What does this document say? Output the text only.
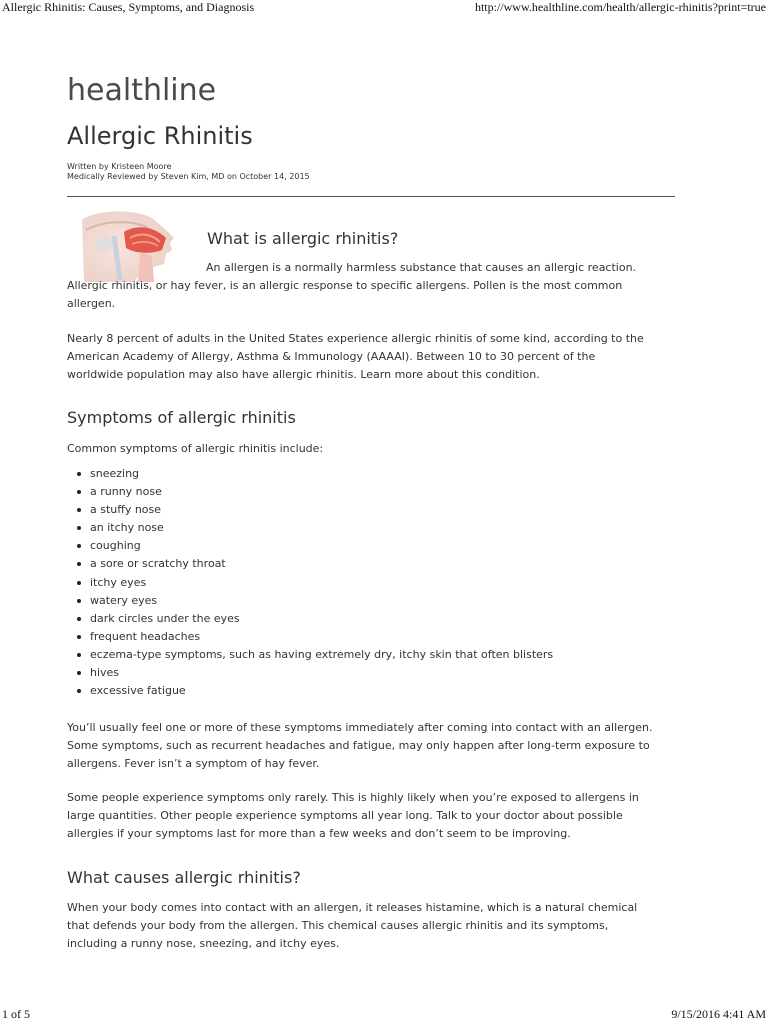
Allergic Rhinitis: Causes, Symptoms, and Diagnosis	http://www.healthline.com/health/allergic-rhinitis?print=true
healthline
Allergic Rhinitis
Written by Kristeen Moore
Medically Reviewed by Steven Kim, MD on October 14, 2015
What is allergic rhinitis?

An allergen is a normally harmless substance that causes an allergic reaction. Allergic rhinitis, or hay fever, is an allergic response to specific allergens. Pollen is the most common allergen.

Nearly 8 percent of adults in the United States experience allergic rhinitis of some kind, according to the American Academy of Allergy, Asthma & Immunology (AAAAI). Between 10 to 30 percent of the worldwide population may also have allergic rhinitis. Learn more about this condition.

Symptoms of allergic rhinitis

Common symptoms of allergic rhinitis include:

sneezing
a runny nose
a stuffy nose
an itchy nose
coughing
a sore or scratchy throat
itchy eyes
watery eyes
dark circles under the eyes
frequent headaches
eczema-type symptoms, such as having extremely dry, itchy skin that often blisters
hives
excessive fatigue

You’ll usually feel one or more of these symptoms immediately after coming into contact with an allergen. Some symptoms, such as recurrent headaches and fatigue, may only happen after long-term exposure to allergens. Fever isn’t a symptom of hay fever.

Some people experience symptoms only rarely. This is highly likely when you’re exposed to allergens in large quantities. Other people experience symptoms all year long. Talk to your doctor about possible allergies if your symptoms last for more than a few weeks and don’t seem to be improving.

What causes allergic rhinitis?

When your body comes into contact with an allergen, it releases histamine, which is a natural chemical that defends your body from the allergen. This chemical causes allergic rhinitis and its symptoms, including a runny nose, sneezing, and itchy eyes.

1 of 5	9/15/2016 4:41 AM
